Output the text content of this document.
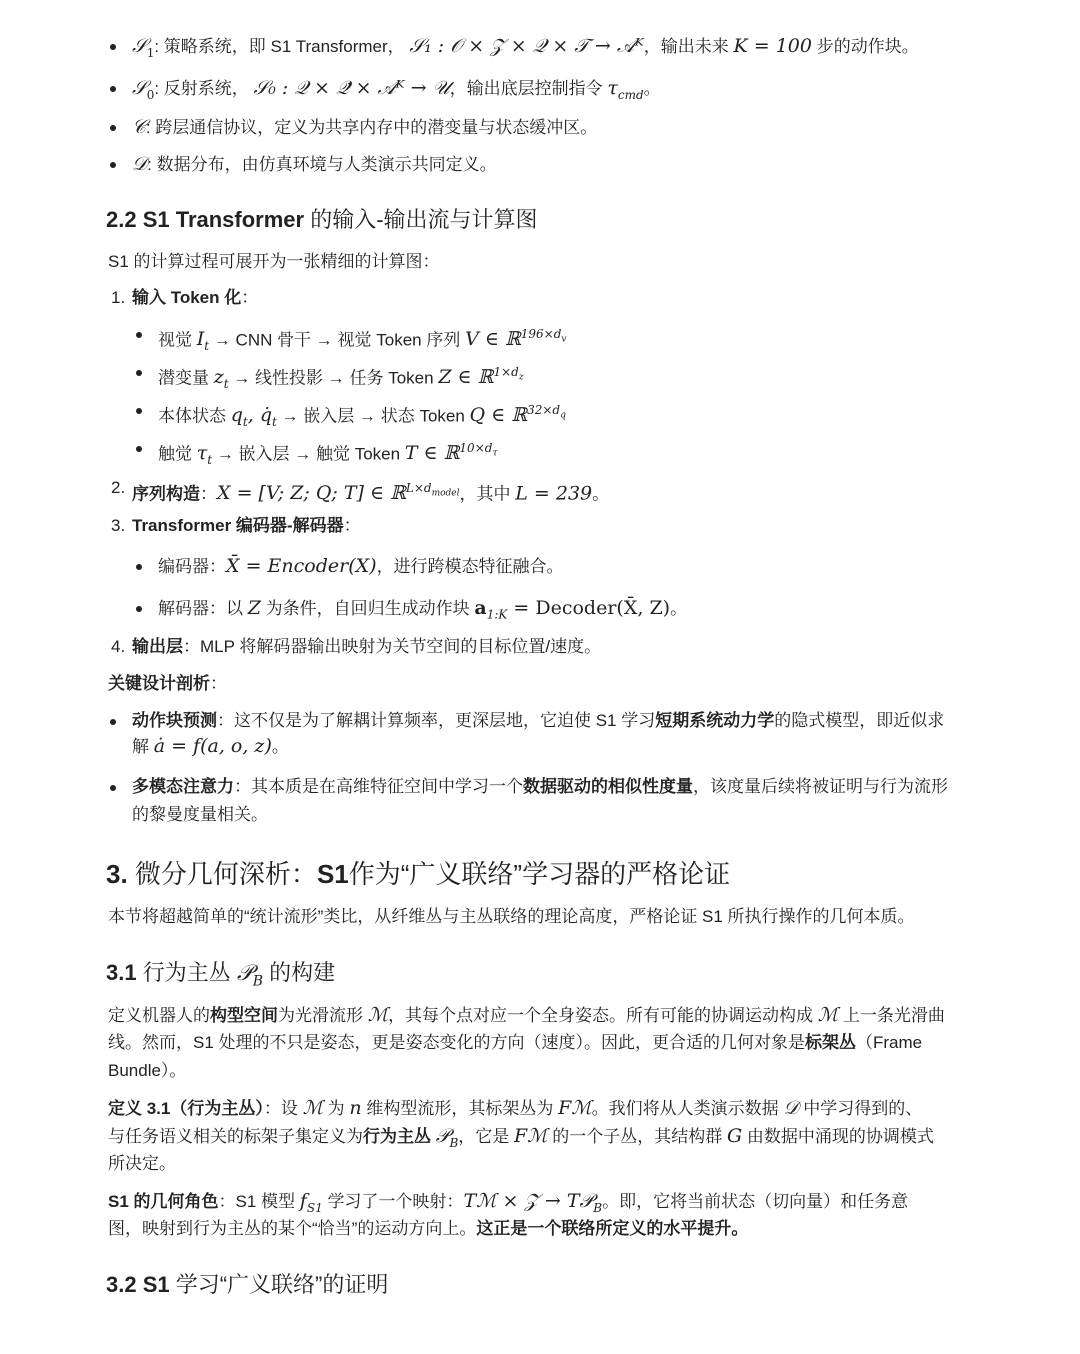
𝒮$_1$: 策略系统，即 S1 Transformer， 𝒮₁ : 𝒪 × 𝒵 × 𝒬 × 𝒯 → 𝒜ᴷ，输出未来 K = 100 步的动作块。
𝒮$_0$: 反射系统， 𝒮₀ : 𝒬 × 𝒬̇ × 𝒜ᴷ → 𝒰，输出底层控制指令 $\tau_{cmd}$。
𝒞: 跨层通信协议，定义为共享内存中的潜变量与状态缓冲区。
𝒟: 数据分布，由仿真环境与人类演示共同定义。
2.2 S1 Transformer 的输入-输出流与计算图
S1 的计算过程可展开为一张精细的计算图：
1. 输入 Token 化：
视觉 $I_t$ → CNN 骨干 → 视觉 Token 序列 V ∈ ℝ$^{196\times d_v}$
潜变量 $z_t$ → 线性投影 → 任务 Token Z ∈ ℝ$^{1\times d_z}$
本体状态 $q_t$, $q̇_t$ → 嵌入层 → 状态 Token Q ∈ ℝ$^{32\times d_q}$
触觉 $\tau_t$ → 嵌入层 → 触觉 Token T ∈ ℝ$^{10\times d_\tau}$
2. 序列构造：X = [V; Z; Q; T] ∈ ℝ$^{L\times d_{model}}$，其中 L = 239。
3. Transformer 编码器-解码器：
编码器：X̄ = Encoder(X)，进行跨模态特征融合。
解码器：以 Z 为条件，自回归生成动作块 $a_{1:K}$ = Decoder(X̄, Z)。
4. 输出层：MLP 将解码器输出映射为关节空间的目标位置/速度。
关键设计剖析：
动作块预测：这不仅是为了解耦计算频率，更深层地，它迫使 S1 学习短期系统动力学的隐式模型，即近似求
解 ȧ = f(a, o, z)。
多模态注意力：其本质是在高维特征空间中学习一个数据驱动的相似性度量，该度量后续将被证明与行为流形
的黎曼度量相关。
3. 微分几何深析：S1作为“广义联络”学习器的严格论证
本节将超越简单的“统计流形”类比，从纤维丛与主丛联络的理论高度，严格论证 S1 所执行操作的几何本质。
3.1 行为主丛 𝒫$_B$ 的构建
定义机器人的构型空间为光滑流形 ℳ，其每个点对应一个全身姿态。所有可能的协调运动构成 ℳ 上一条光滑曲
线。然而，S1 处理的不只是姿态，更是姿态变化的方向（速度）。因此，更合适的几何对象是标架丛（Frame
Bundle）。
定义 3.1（行为主丛）：设 ℳ 为 n 维构型流形，其标架丛为 Fℳ。我们将从人类演示数据 𝒟 中学习得到的、
与任务语义相关的标架子集定义为行为主丛 𝒫$_B$，它是 Fℳ 的一个子丛，其结构群 G 由数据中涌现的协调模式
所决定。
S1 的几何角色：S1 模型 $f_{S1}$ 学习了一个映射：Tℳ × 𝒵 → T𝒫$_B$。即，它将当前状态（切向量）和任务意
图，映射到行为主丛的某个“恰当”的运动方向上。这正是一个联络所定义的水平提升。
3.2 S1 学习“广义联络”的证明
